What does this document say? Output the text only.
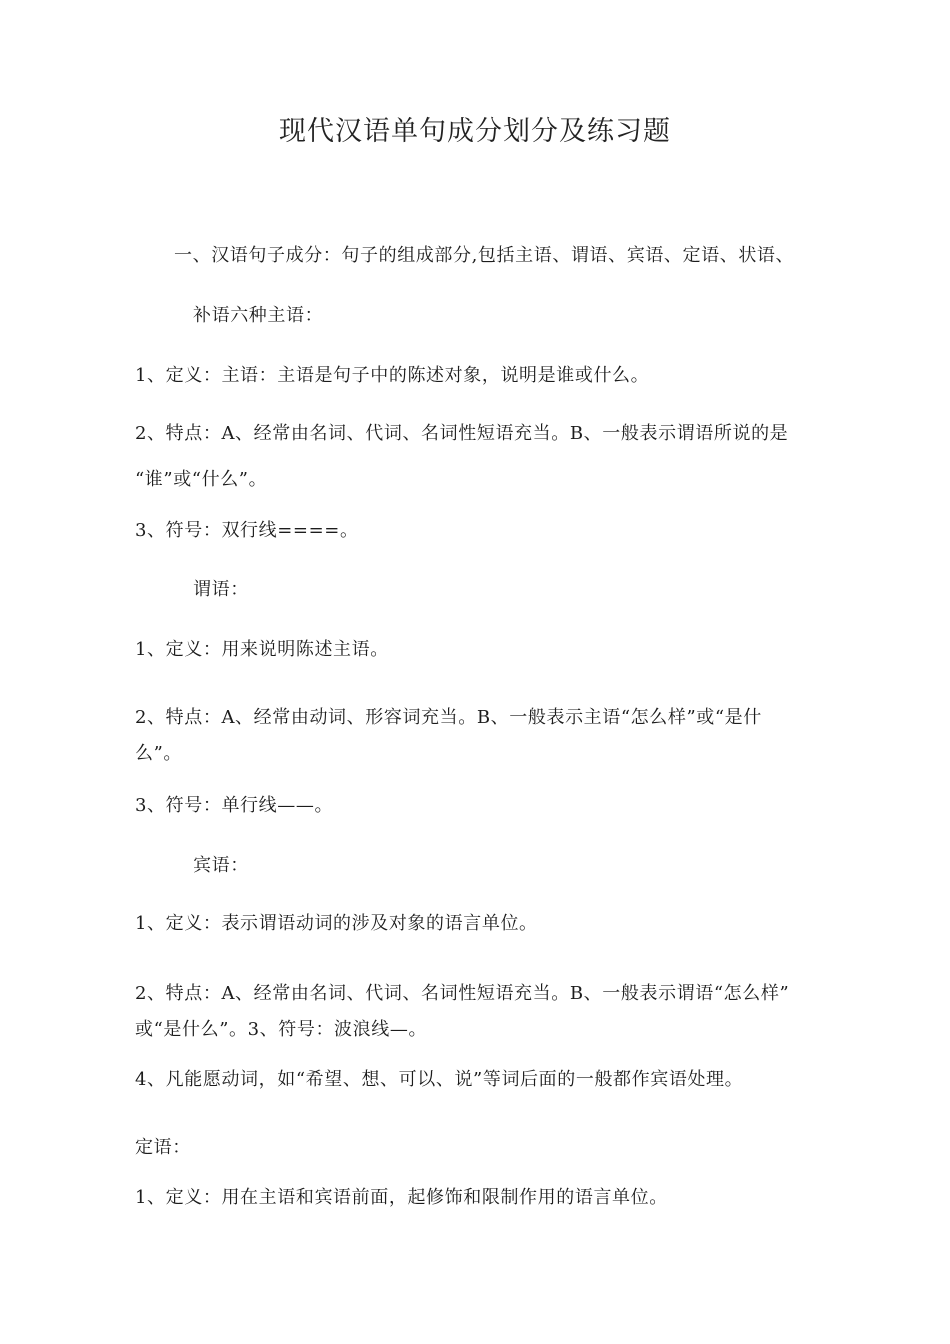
现代汉语单句成分划分及练习题
一、汉语句子成分：句子的组成部分,包括主语、谓语、宾语、定语、状语、
补语六种主语：
1、定义：主语：主语是句子中的陈述对象，说明是谁或什么。
2、特点：A、经常由名词、代词、名词性短语充当。B、一般表示谓语所说的是
“谁”或“什么”。
3、符号：双行线====。
谓语：
1、定义：用来说明陈述主语。
2、特点：A、经常由动词、形容词充当。B、一般表示主语“怎么样”或“是什
么”。
3、符号：单行线——。
宾语：
1、定义：表示谓语动词的涉及对象的语言单位。
2、特点：A、经常由名词、代词、名词性短语充当。B、一般表示谓语“怎么样”
或“是什么”。3、符号：波浪线—。
4、凡能愿动词，如“希望、想、可以、说”等词后面的一般都作宾语处理。
定语：
1、定义：用在主语和宾语前面，起修饰和限制作用的语言单位。
